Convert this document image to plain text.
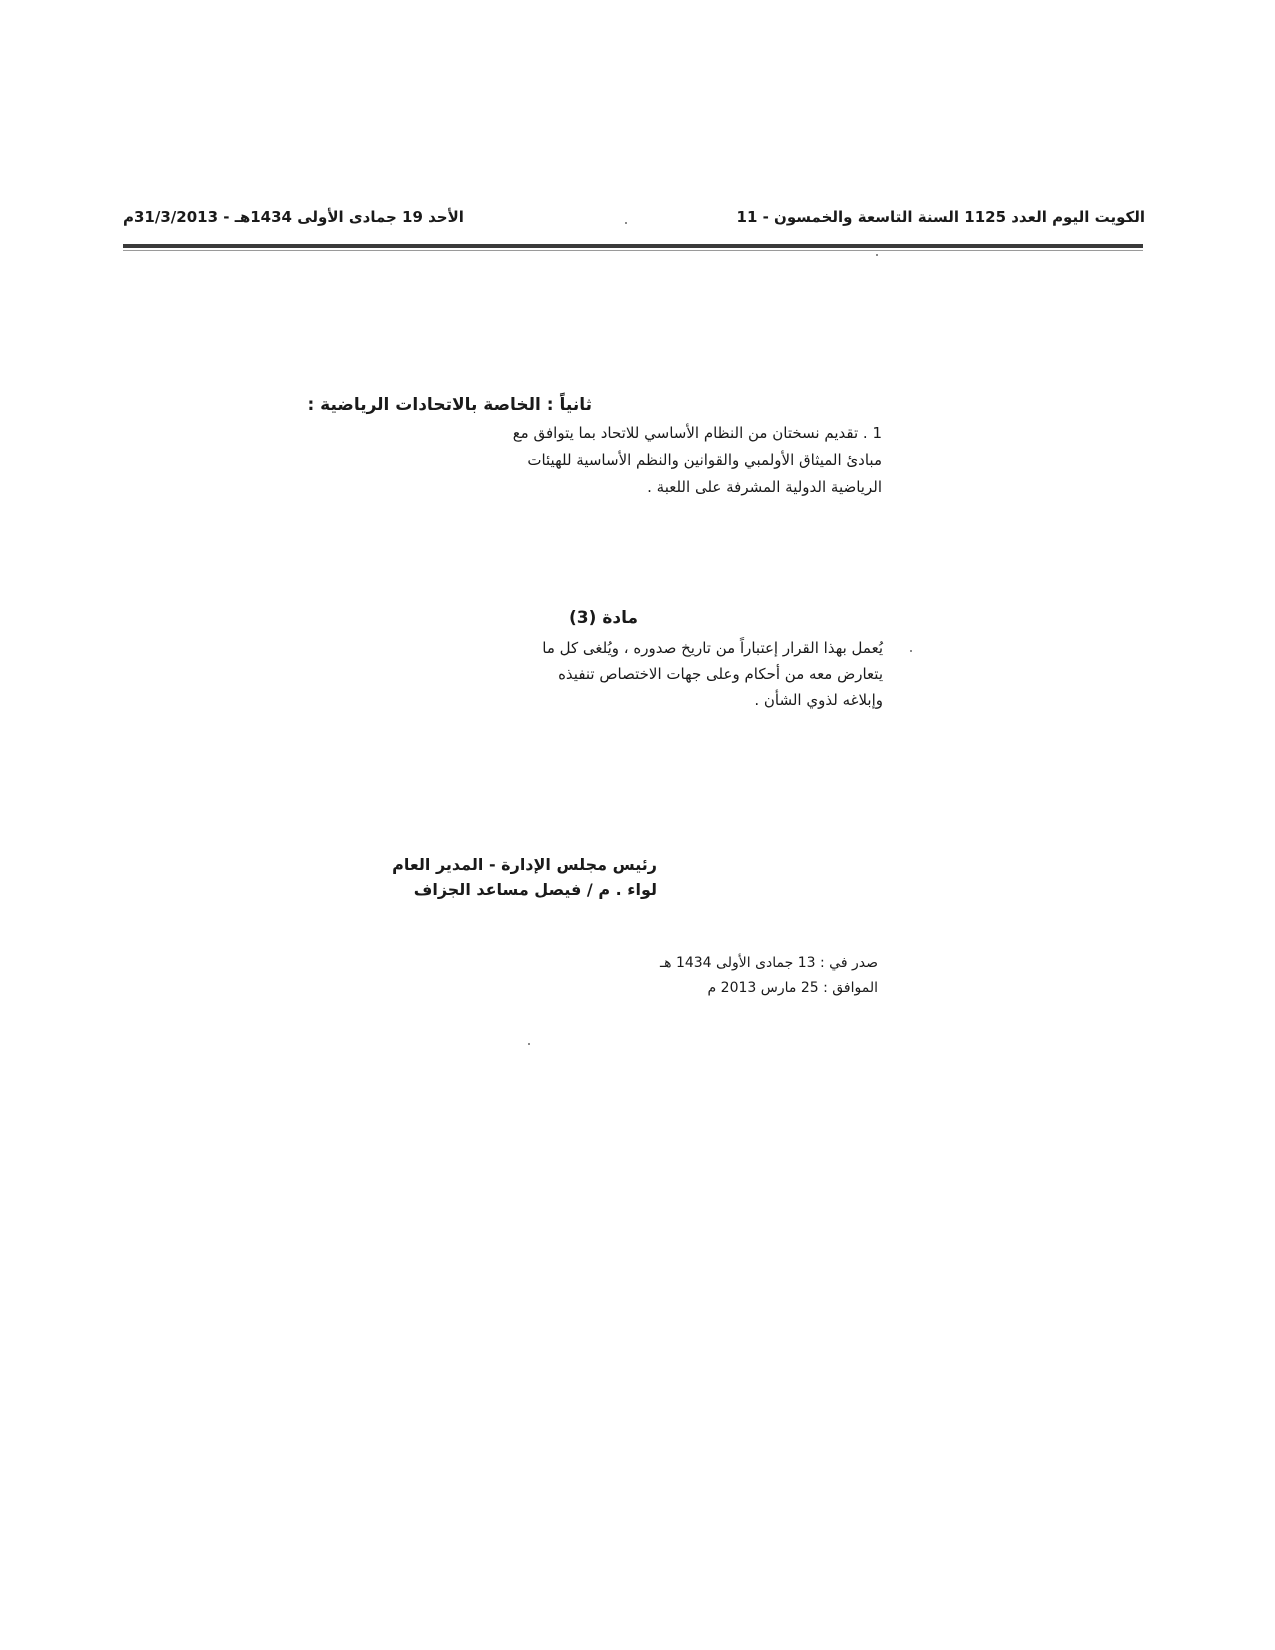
الكويت اليوم العدد 1125 السنة التاسعة والخمسون - 11
الأحد 19 جمادى الأولى 1434هـ - 31/3/2013م
ثانياً : الخاصة بالاتحادات الرياضية :
1 . تقديم نسختان من النظام الأساسي للاتحاد بما يتوافق مع
مبادئ الميثاق الأولمبي والقوانين والنظم الأساسية للهيئات
الرياضية الدولية المشرفة على اللعبة .
مادة (3)
يُعمل بهذا القرار إعتباراً من تاريخ صدوره ، ويُلغى كل ما
يتعارض معه من أحكام وعلى جهات الاختصاص تنفيذه
وإبلاغه لذوي الشأن .
رئيس مجلس الإدارة - المدير العام
لواء . م / فيصل مساعد الجزاف
صدر في : 13 جمادى الأولى 1434 هـ
الموافق : 25 مارس 2013 م
